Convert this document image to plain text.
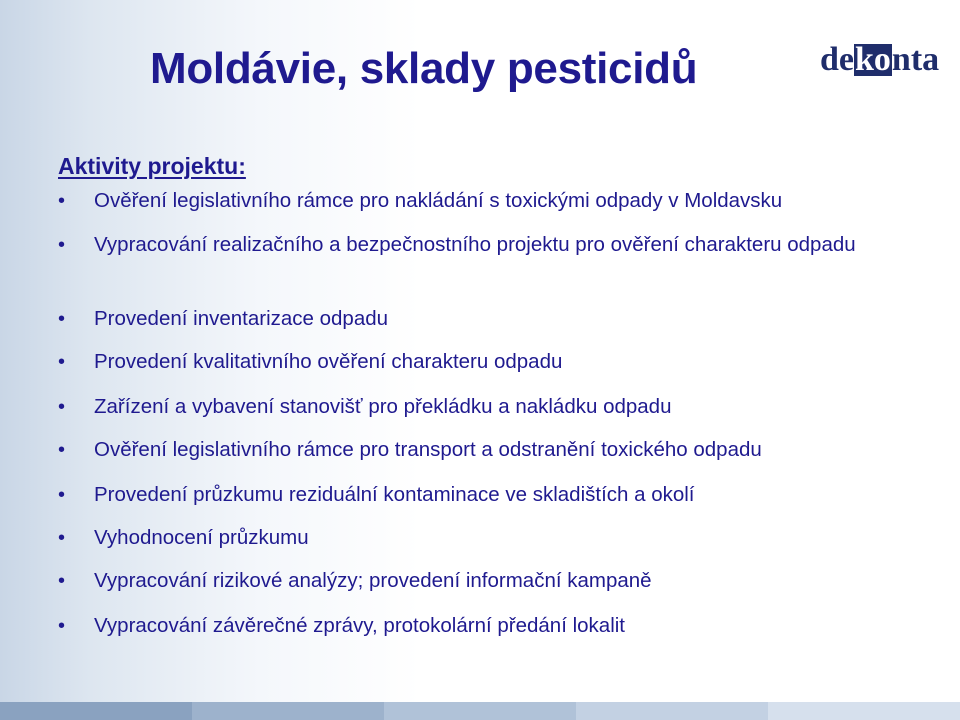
Moldávie, sklady pesticidů	dekonta
Aktivity projektu:
• Ověření legislativního rámce pro nakládání s toxickými odpady v Moldavsku
• Vypracování realizačního a bezpečnostního projektu pro ověření charakteru odpadu
• Provedení inventarizace odpadu
• Provedení kvalitativního ověření charakteru odpadu
• Zařízení a vybavení stanovišť pro překládku a nakládku odpadu
• Ověření legislativního rámce pro transport a odstranění toxického odpadu
• Provedení průzkumu reziduální kontaminace ve skladištích a okolí
• Vyhodnocení průzkumu
• Vypracování rizikové analýzy; provedení informační kampaně
• Vypracování závěrečné zprávy, protokolární předání lokalit
